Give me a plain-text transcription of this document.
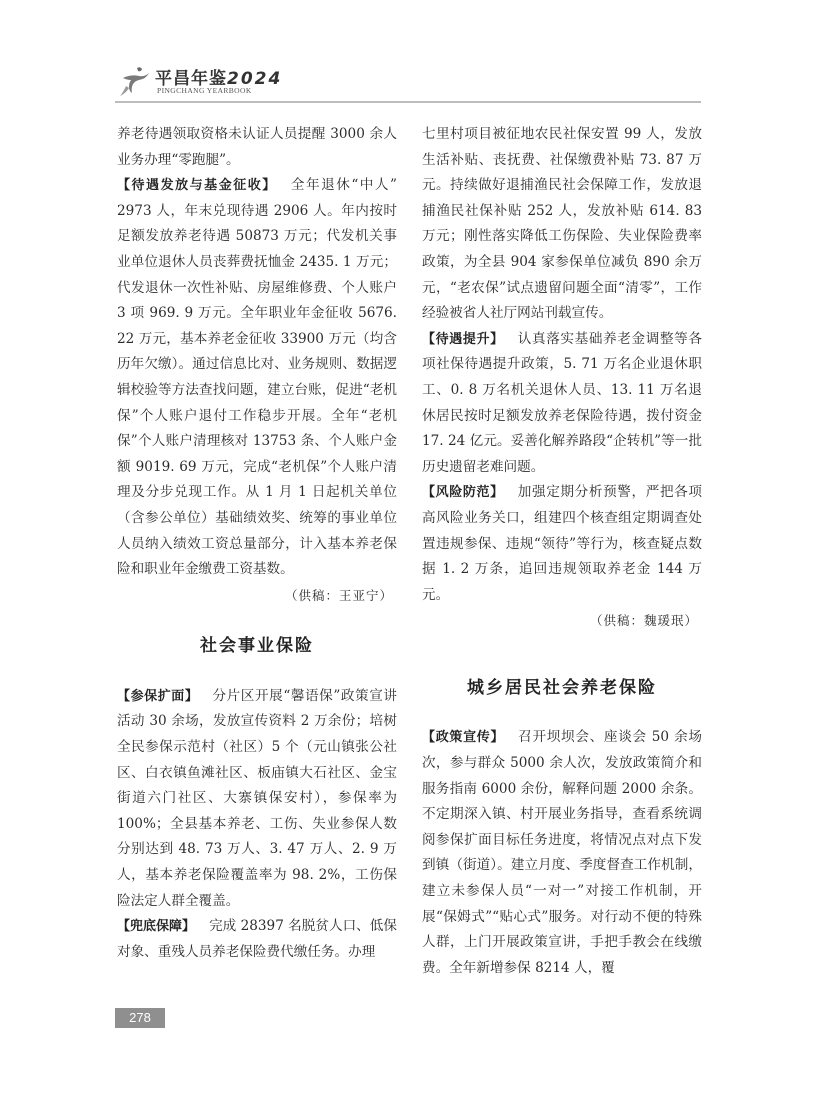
平昌年鉴2024
PINGCHANG YEARBOOK

养老待遇领取资格未认证人员提醒 3000 余人业务办理“零跑腿”。

【待遇发放与基金征收】 全年退休“中人” 2973 人，年末兑现待遇 2906 人。年内按时足额发放养老待遇 50873 万元；代发机关事业单位退休人员丧葬费抚恤金 2435. 1 万元；代发退休一次性补贴、房屋维修费、个人账户 3 项 969. 9 万元。全年职业年金征收 5676. 22 万元，基本养老金征收 33900 万元（均含历年欠缴）。通过信息比对、业务规则、数据逻辑校验等方法查找问题，建立台账，促进“老机保”个人账户退付工作稳步开展。全年“老机保”个人账户清理核对 13753 条、个人账户金额 9019. 69 万元，完成“老机保”个人账户清理及分步兑现工作。从 1 月 1 日起机关单位（含参公单位）基础绩效奖、统筹的事业单位人员纳入绩效工资总量部分，计入基本养老保险和职业年金缴费工资基数。

（供稿：王亚宁）

社会事业保险

【参保扩面】 分片区开展“馨语保”政策宣讲活动 30 余场，发放宣传资料 2 万余份；培树全民参保示范村（社区）5 个（元山镇张公社区、白衣镇鱼滩社区、板庙镇大石社区、金宝街道六门社区、大寨镇保安村），参保率为 100%；全县基本养老、工伤、失业参保人数分别达到 48. 73 万人、3. 47 万人、2. 9 万人，基本养老保险覆盖率为 98. 2%，工伤保险法定人群全覆盖。

【兜底保障】 完成 28397 名脱贫人口、低保对象、重残人员养老保险费代缴任务。办理

七里村项目被征地农民社保安置 99 人，发放生活补贴、丧抚费、社保缴费补贴 73. 87 万元。持续做好退捕渔民社会保障工作，发放退捕渔民社保补贴 252 人，发放补贴 614. 83 万元；刚性落实降低工伤保险、失业保险费率政策，为全县 904 家参保单位减负 890 余万元，“老农保”试点遗留问题全面“清零”，工作经验被省人社厅网站刊载宣传。

【待遇提升】 认真落实基础养老金调整等各项社保待遇提升政策，5. 71 万名企业退休职工、0. 8 万名机关退休人员、13. 11 万名退休居民按时足额发放养老保险待遇，拨付资金 17. 24 亿元。妥善化解养路段“企转机”等一批历史遗留老难问题。

【风险防范】 加强定期分析预警，严把各项高风险业务关口，组建四个核查组定期调查处置违规参保、违规“领待”等行为，核查疑点数据 1. 2 万条，追回违规领取养老金 144 万元。

（供稿：魏瑗珉）

城乡居民社会养老保险

【政策宣传】 召开坝坝会、座谈会 50 余场次，参与群众 5000 余人次，发放政策简介和服务指南 6000 余份，解释问题 2000 余条。不定期深入镇、村开展业务指导，查看系统调阅参保扩面目标任务进度，将情况点对点下发到镇（街道）。建立月度、季度督查工作机制，建立未参保人员“一对一”对接工作机制，开展“保姆式”“贴心式”服务。对行动不便的特殊人群，上门开展政策宣讲，手把手教会在线缴费。全年新增参保 8214 人，覆

278
